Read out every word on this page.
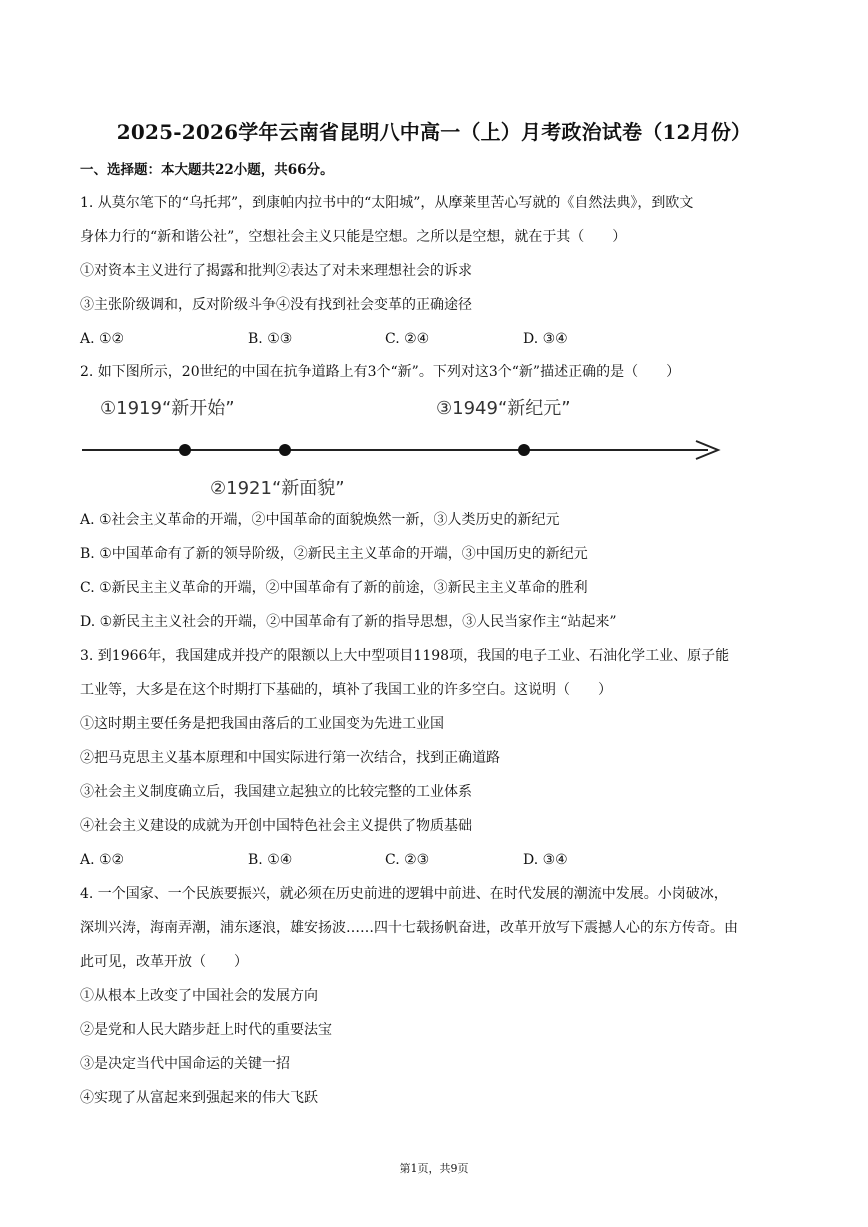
2025-2026学年云南省昆明八中高一（上）月考政治试卷（12月份）
一、选择题：本大题共22小题，共66分。
1. 从莫尔笔下的“乌托邦”，到康帕内拉书中的“太阳城”，从摩莱里苦心写就的《自然法典》，到欧文
身体力行的“新和谐公社”，空想社会主义只能是空想。之所以是空想，就在于其（　　）
①对资本主义进行了揭露和批判②表达了对未来理想社会的诉求
③主张阶级调和，反对阶级斗争④没有找到社会变革的正确途径
A. ①②	B. ①③	C. ②④	D. ③④
2. 如下图所示，20世纪的中国在抗争道路上有3个“新”。下列对这3个“新”描述正确的是（　　）
①1919“新开始”	③1949“新纪元”
②1921“新面貌”
A. ①社会主义革命的开端，②中国革命的面貌焕然一新，③人类历史的新纪元
B. ①中国革命有了新的领导阶级，②新民主主义革命的开端，③中国历史的新纪元
C. ①新民主主义革命的开端，②中国革命有了新的前途，③新民主主义革命的胜利
D. ①新民主主义社会的开端，②中国革命有了新的指导思想，③人民当家作主“站起来”
3. 到1966年，我国建成并投产的限额以上大中型项目1198项，我国的电子工业、石油化学工业、原子能
工业等，大多是在这个时期打下基础的，填补了我国工业的许多空白。这说明（　　）
①这时期主要任务是把我国由落后的工业国变为先进工业国
②把马克思主义基本原理和中国实际进行第一次结合，找到正确道路
③社会主义制度确立后，我国建立起独立的比较完整的工业体系
④社会主义建设的成就为开创中国特色社会主义提供了物质基础
A. ①②	B. ①④	C. ②③	D. ③④
4. 一个国家、一个民族要振兴，就必须在历史前进的逻辑中前进、在时代发展的潮流中发展。小岗破冰，
深圳兴涛，海南弄潮，浦东逐浪，雄安扬波……四十七载扬帆奋进，改革开放写下震撼人心的东方传奇。由
此可见，改革开放（　　）
①从根本上改变了中国社会的发展方向
②是党和人民大踏步赶上时代的重要法宝
③是决定当代中国命运的关键一招
④实现了从富起来到强起来的伟大飞跃
第1页，共9页
